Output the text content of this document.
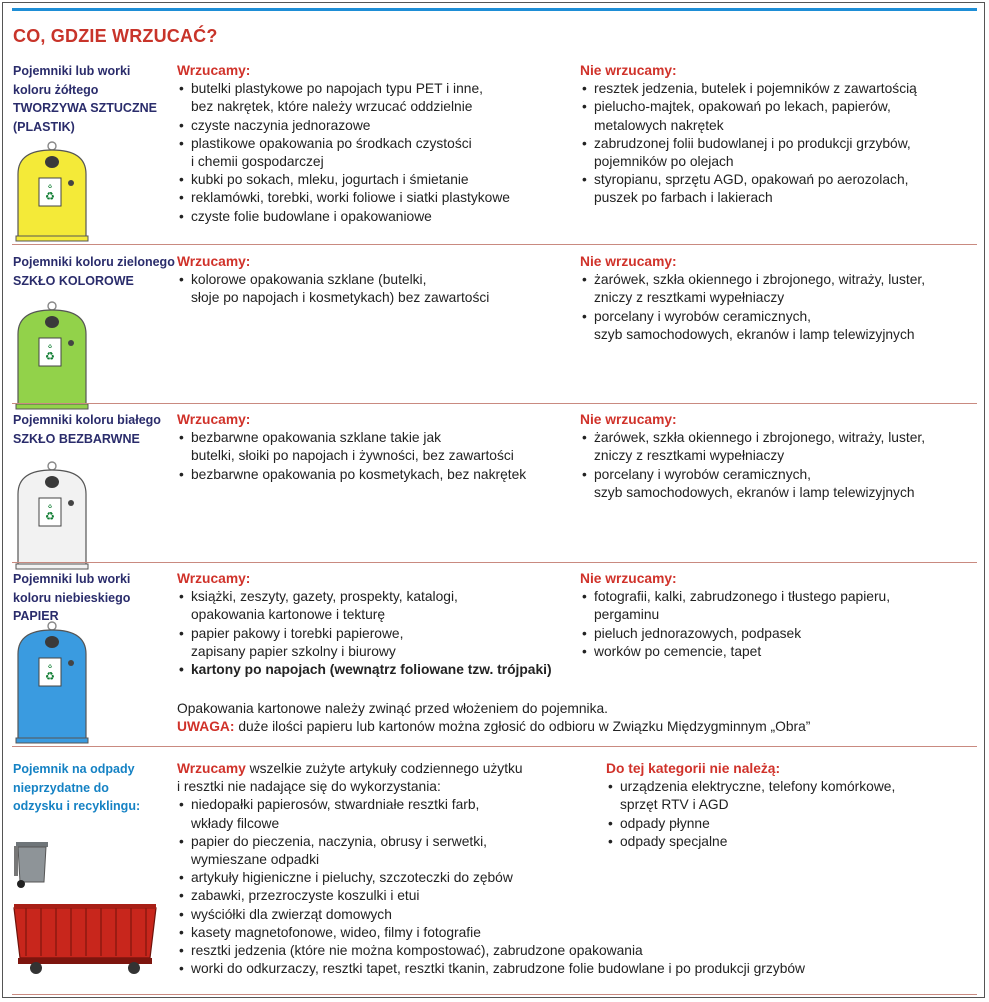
CO, GDZIE WRZUCAĆ?
Pojemniki lub worki
koloru żółtego
TWORZYWA SZTUCZNE
(PLASTIK)
♻
♻
Wrzucamy:
• butelki plastykowe po napojach typu PET i inne,
bez nakrętek, które należy wrzucać oddzielnie
• czyste naczynia jednorazowe
• plastikowe opakowania po środkach czystości
i chemii gospodarczej
• kubki po sokach, mleku, jogurtach i śmietanie
• reklamówki, torebki, worki foliowe i siatki plastykowe
• czyste folie budowlane i opakowaniowe
Nie wrzucamy:
• resztek jedzenia, butelek i pojemników z zawartością
• pielucho-majtek, opakowań po lekach, papierów,
metalowych nakrętek
• zabrudzonej folii budowlanej i po produkcji grzybów,
pojemników po olejach
• styropianu, sprzętu AGD, opakowań po aerozolach,
puszek po farbach i lakierach
Pojemniki koloru zielonego
SZKŁO KOLOROWE
♻
♻
Wrzucamy:
• kolorowe opakowania szklane (butelki,
słoje po napojach i kosmetykach) bez zawartości
Nie wrzucamy:
• żarówek, szkła okiennego i zbrojonego, witraży, luster,
zniczy z resztkami wypełniaczy
• porcelany i wyrobów ceramicznych,
szyb samochodowych, ekranów i lamp telewizyjnych
Pojemniki koloru białego
SZKŁO BEZBARWNE
♻
♻
Wrzucamy:
• bezbarwne opakowania szklane takie jak
butelki, słoiki po napojach i żywności, bez zawartości
• bezbarwne opakowania po kosmetykach, bez nakrętek
Nie wrzucamy:
• żarówek, szkła okiennego i zbrojonego, witraży, luster,
zniczy z resztkami wypełniaczy
• porcelany i wyrobów ceramicznych,
szyb samochodowych, ekranów i lamp telewizyjnych
Pojemniki lub worki
koloru niebieskiego
PAPIER
♻
♻
Wrzucamy:
• książki, zeszyty, gazety, prospekty, katalogi,
opakowania kartonowe i tekturę
• papier pakowy i torebki papierowe,
zapisany papier szkolny i biurowy
• kartony po napojach (wewnątrz foliowane tzw. trójpaki)
Nie wrzucamy:
• fotografii, kalki, zabrudzonego i tłustego papieru,
pergaminu
• pieluch jednorazowych, podpasek
• worków po cemencie, tapet
Opakowania kartonowe należy zwinąć przed włożeniem do pojemnika.
UWAGA: duże ilości papieru lub kartonów można zgłosić do odbioru w Związku Międzygminnym „Obra”
Pojemnik na odpady
nieprzydatne do
odzysku i recyklingu:
Wrzucamy wszelkie zużyte artykuły codziennego użytku
i resztki nie nadające się do wykorzystania:
• niedopałki papierosów, stwardniałe resztki farb,
wkłady filcowe
• papier do pieczenia, naczynia, obrusy i serwetki,
wymieszane odpadki
• artykuły higieniczne i pieluchy, szczoteczki do zębów
• zabawki, przezroczyste koszulki i etui
• wyściółki dla zwierząt domowych
• kasety magnetofonowe, wideo, filmy i fotografie
• resztki jedzenia (które nie można kompostować), zabrudzone opakowania
• worki do odkurzaczy, resztki tapet, resztki tkanin, zabrudzone folie budowlane i po produkcji grzybów
Do tej kategorii nie należą:
• urządzenia elektryczne, telefony komórkowe,
sprzęt RTV i AGD
• odpady płynne
• odpady specjalne
